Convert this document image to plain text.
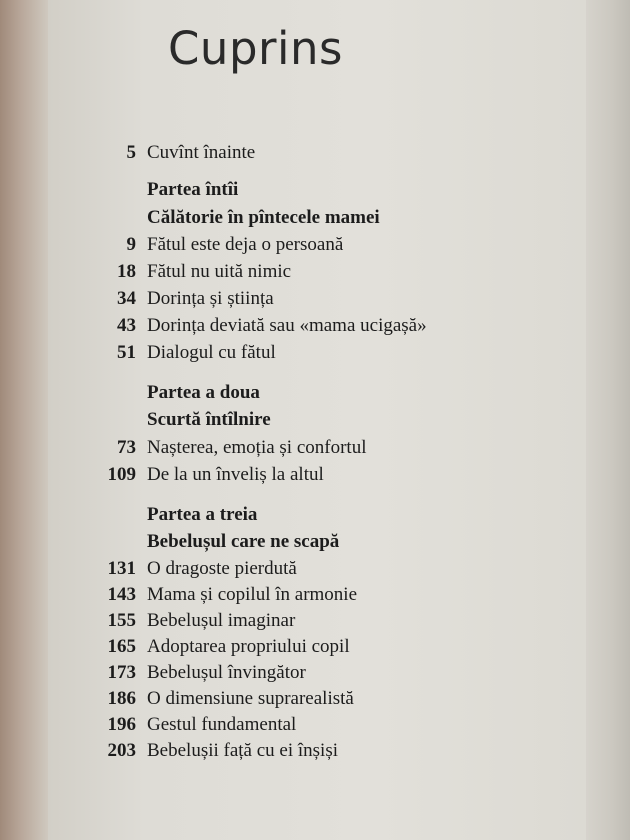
Cuprins
5 Cuvînt înainte
Partea întîi
Călătorie în pîntecele mamei
9 Fătul este deja o persoană
18 Fătul nu uită nimic
34 Dorința și știința
43 Dorința deviată sau «mama ucigașă»
51 Dialogul cu fătul
Partea a doua
Scurtă întîlnire
73 Nașterea, emoția și confortul
109 De la un înveliș la altul
Partea a treia
Bebelușul care ne scapă
131 O dragoste pierdută
143 Mama și copilul în armonie
155 Bebelușul imaginar
165 Adoptarea propriului copil
173 Bebelușul învingător
186 O dimensiune suprarealistă
196 Gestul fundamental
203 Bebelușii față cu ei înșiși
